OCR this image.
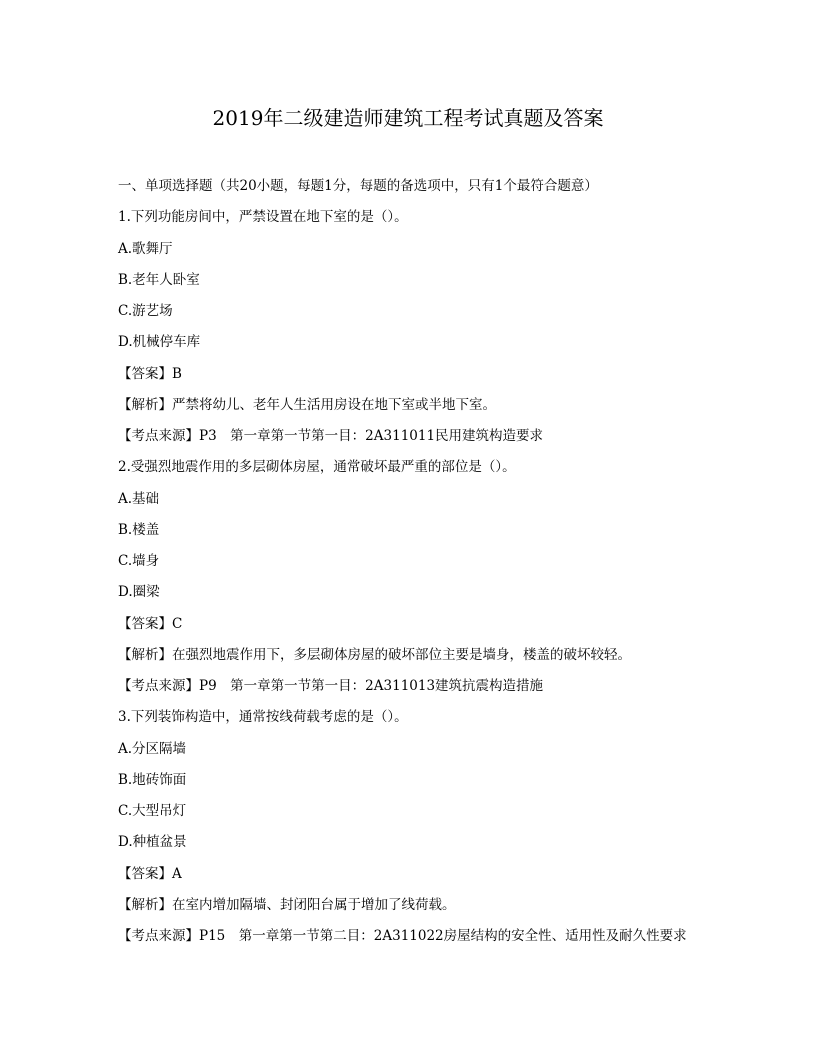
2019年二级建造师建筑工程考试真题及答案
一、单项选择题（共20小题，每题1分，每题的备选项中，只有1个最符合题意）
1.下列功能房间中，严禁设置在地下室的是（）。
A.歌舞厅
B.老年人卧室
C.游艺场
D.机械停车库
【答案】B
【解析】严禁将幼儿、老年人生活用房设在地下室或半地下室。
【考点来源】P3　第一章第一节第一目：2A311011民用建筑构造要求
2.受强烈地震作用的多层砌体房屋，通常破坏最严重的部位是（）。
A.基础
B.楼盖
C.墙身
D.圈梁
【答案】C
【解析】在强烈地震作用下，多层砌体房屋的破坏部位主要是墙身，楼盖的破坏较轻。
【考点来源】P9　第一章第一节第一目：2A311013建筑抗震构造措施
3.下列装饰构造中，通常按线荷载考虑的是（）。
A.分区隔墙
B.地砖饰面
C.大型吊灯
D.种植盆景
【答案】A
【解析】在室内增加隔墙、封闭阳台属于增加了线荷载。
【考点来源】P15　第一章第一节第二目：2A311022房屋结构的安全性、适用性及耐久性要求
